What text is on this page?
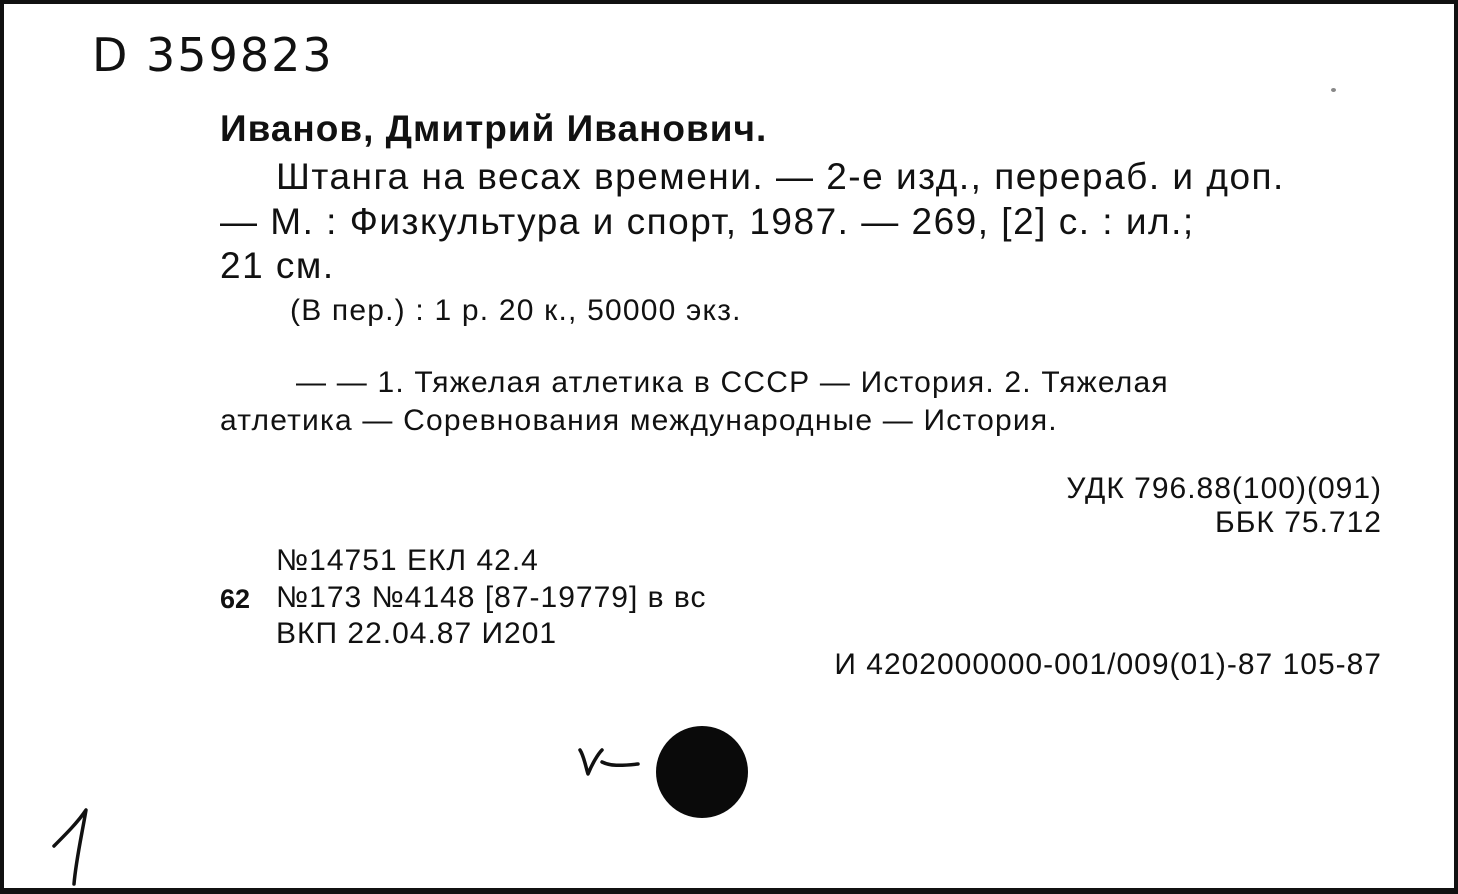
D 359823
Иванов, Дмитрий Иванович.
Штанга на весах времени. — 2-е изд., перераб. и доп.
— М. : Физкультура и спорт, 1987. — 269, [2] с. : ил.;
21 см.
(В пер.) : 1 р. 20 к., 50000 экз.
— — 1. Тяжелая атлетика в СССР — История. 2. Тяжелая
атлетика — Соревнования международные — История.
УДК 796.88(100)(091)
ББК 75.712
№14751 ЕКЛ 42.4
62 №173 №4148 [87-19779] в вс
ВКП 22.04.87 И201
И 4202000000-001/009(01)-87 105-87
